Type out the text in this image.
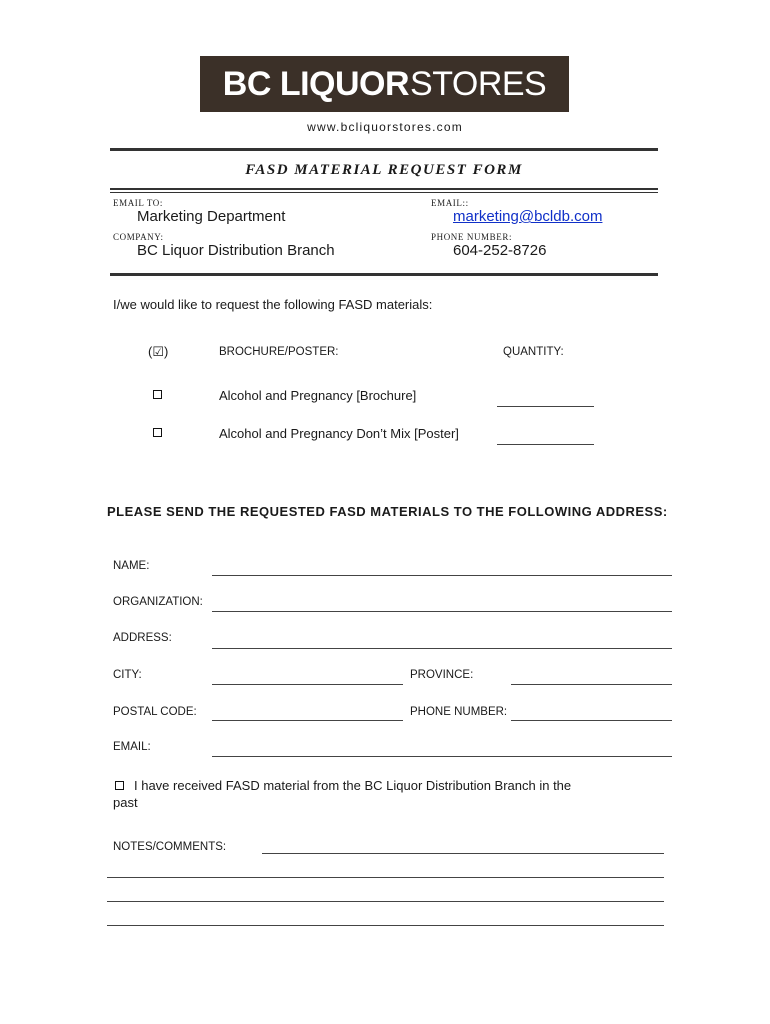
BC LIQUOR STORES
www.bcliquorstores.com
FASD MATERIAL REQUEST FORM
EMAIL TO:
Marketing Department
EMAIL::
marketing@bcldb.com
COMPANY:
BC Liquor Distribution Branch
PHONE NUMBER:
604-252-8726
I/we would like to request the following FASD materials:
(☑)	BROCHURE/POSTER:	QUANTITY:
Alcohol and Pregnancy [Brochure]
Alcohol and Pregnancy Don’t Mix [Poster]
PLEASE SEND THE REQUESTED FASD MATERIALS TO THE FOLLOWING ADDRESS:
NAME:
ORGANIZATION:
ADDRESS:
CITY:	PROVINCE:
POSTAL CODE:	PHONE NUMBER:
EMAIL:
I have received FASD material from the BC Liquor Distribution Branch in the
past
NOTES/COMMENTS:
